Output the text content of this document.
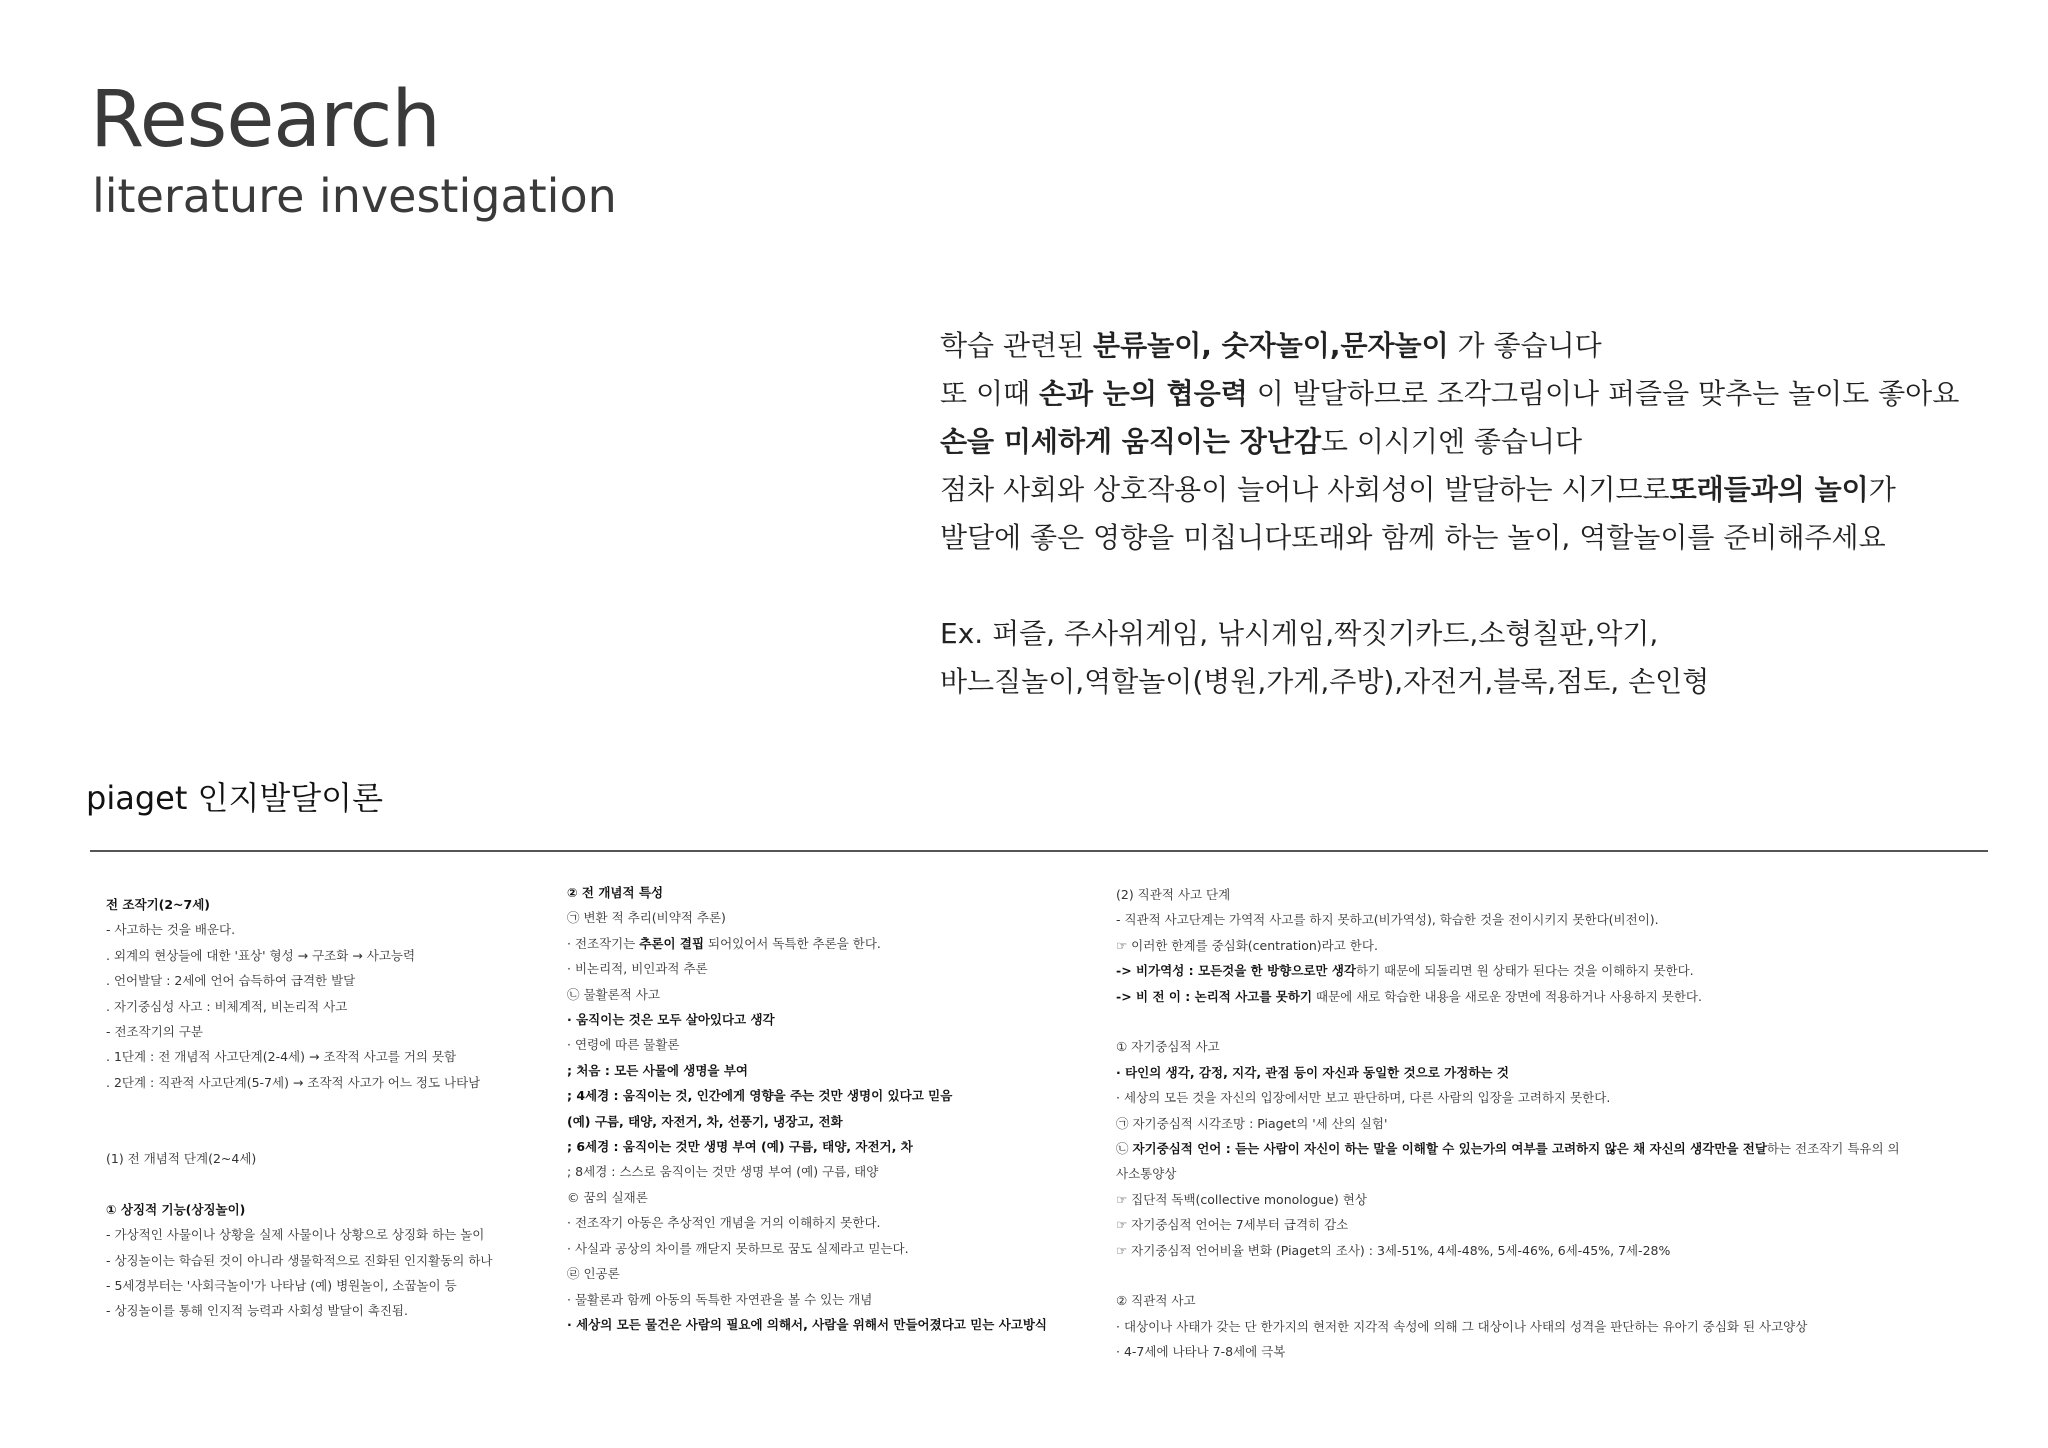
Research
literature investigation
학습 관련된 분류놀이, 숫자놀이,문자놀이 가 좋습니다
또 이때 손과 눈의 협응력 이 발달하므로 조각그림이나 퍼즐을 맞추는 놀이도 좋아요
손을 미세하게 움직이는 장난감도 이시기엔 좋습니다
점차 사회와 상호작용이 늘어나 사회성이 발달하는 시기므로또래들과의 놀이가
발달에 좋은 영향을 미칩니다또래와 함께 하는 놀이, 역할놀이를 준비해주세요
Ex. 퍼즐, 주사위게임, 낚시게임,짝짓기카드,소형칠판,악기,
바느질놀이,역할놀이(병원,가게,주방),자전거,블록,점토, 손인형
piaget 인지발달이론
전 조작기(2~7세)
- 사고하는 것을 배운다.
. 외계의 현상들에 대한 '표상' 형성 → 구조화 → 사고능력
. 언어발달 : 2세에 언어 습득하여 급격한 발달
. 자기중심성 사고 : 비체계적, 비논리적 사고
- 전조작기의 구분
. 1단계 : 전 개념적 사고단계(2-4세) → 조작적 사고를 거의 못함
. 2단계 : 직관적 사고단계(5-7세) → 조작적 사고가 어느 정도 나타남
(1) 전 개념적 단계(2~4세)
① 상징적 기능(상징놀이)
- 가상적인 사물이나 상황을 실제 사물이나 상황으로 상징화 하는 놀이
- 상징놀이는 학습된 것이 아니라 생물학적으로 진화된 인지활동의 하나
- 5세경부터는 '사회극놀이'가 나타남 (예) 병원놀이, 소꿉놀이 등
- 상징놀이를 통해 인지적 능력과 사회성 발달이 촉진됨.
② 전 개념적 특성
㉠ 변환 적 추리(비약적 추론)
· 전조작기는 추론이 결핍 되어있어서 독특한 추론을 한다.
· 비논리적, 비인과적 추론
㉡ 물활론적 사고
· 움직이는 것은 모두 살아있다고 생각
· 연령에 따른 물활론
; 처음 : 모든 사물에 생명을 부여
; 4세경 : 움직이는 것, 인간에게 영향을 주는 것만 생명이 있다고 믿음
(예) 구름, 태양, 자전거, 차, 선풍기, 냉장고, 전화
; 6세경 : 움직이는 것만 생명 부여 (예) 구름, 태양, 자전거, 차
; 8세경 : 스스로 움직이는 것만 생명 부여 (예) 구름, 태양
© 꿈의 실재론
· 전조작기 아동은 추상적인 개념을 거의 이해하지 못한다.
· 사실과 공상의 차이를 깨닫지 못하므로 꿈도 실제라고 믿는다.
㉣ 인공론
· 물활론과 함께 아동의 독특한 자연관을 볼 수 있는 개념
· 세상의 모든 물건은 사람의 필요에 의해서, 사람을 위해서 만들어졌다고 믿는 사고방식
(2) 직관적 사고 단계
- 직관적 사고단계는 가역적 사고를 하지 못하고(비가역성), 학습한 것을 전이시키지 못한다(비전이).
☞ 이러한 한계를 중심화(centration)라고 한다.
-> 비가역성 : 모든것을 한 방향으로만 생각하기 때문에 되돌리면 원 상태가 된다는 것을 이해하지 못한다.
-> 비 전 이 : 논리적 사고를 못하기 때문에 새로 학습한 내용을 새로운 장면에 적용하거나 사용하지 못한다.
① 자기중심적 사고
· 타인의 생각, 감정, 지각, 관점 등이 자신과 동일한 것으로 가정하는 것
· 세상의 모든 것을 자신의 입장에서만 보고 판단하며, 다른 사람의 입장을 고려하지 못한다.
㉠ 자기중심적 시각조망 : Piaget의 '세 산의 실험'
㉡ 자기중심적 언어 : 듣는 사람이 자신이 하는 말을 이해할 수 있는가의 여부를 고려하지 않은 채 자신의 생각만을 전달하는 전조작기 특유의 의
사소통양상
☞ 집단적 독백(collective monologue) 현상
☞ 자기중심적 언어는 7세부터 급격히 감소
☞ 자기중심적 언어비율 변화 (Piaget의 조사) : 3세-51%, 4세-48%, 5세-46%, 6세-45%, 7세-28%
② 직관적 사고
· 대상이나 사태가 갖는 단 한가지의 현저한 지각적 속성에 의해 그 대상이나 사태의 성격을 판단하는 유아기 중심화 된 사고양상
· 4-7세에 나타나 7-8세에 극복
